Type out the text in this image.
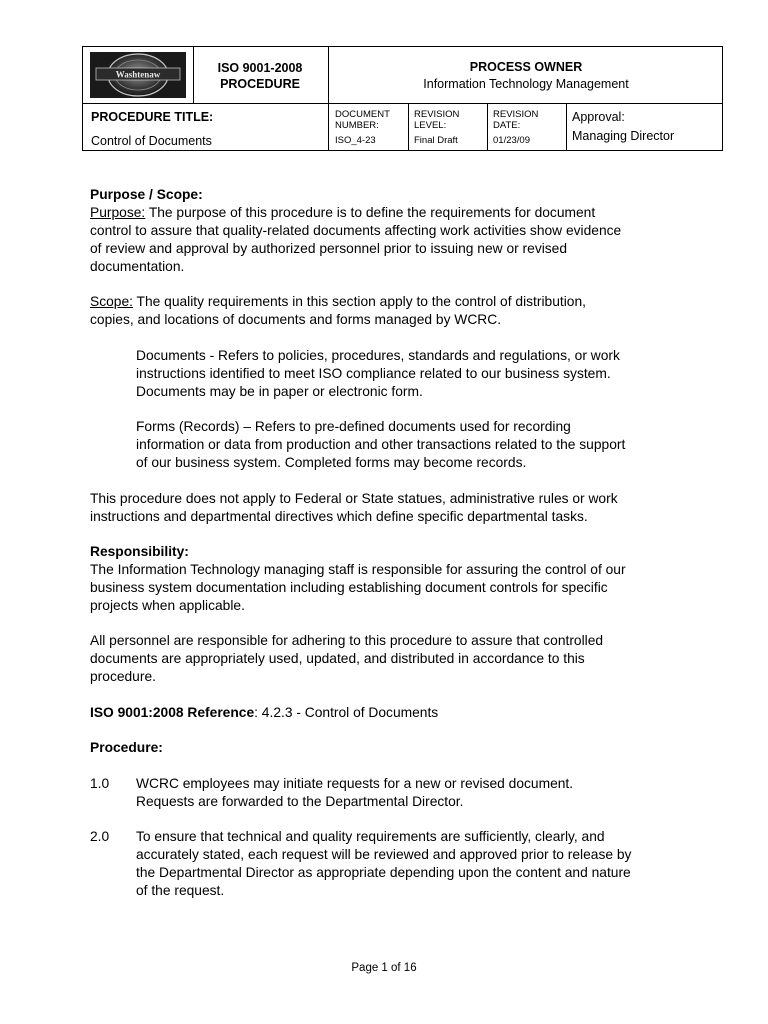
Washtenaw	ISO 9001-2008
PROCEDURE
PROCESS OWNER
Information Technology Management
PROCEDURE TITLE:
Control of Documents
DOCUMENT
NUMBER:
ISO_4-23
REVISION
LEVEL:
Final Draft
REVISION
DATE:
01/23/09
Approval:
Managing Director
Purpose / Scope:
Purpose: The purpose of this procedure is to define the requirements for document
control to assure that quality-related documents affecting work activities show evidence
of review and approval by authorized personnel prior to issuing new or revised
documentation.
Scope: The quality requirements in this section apply to the control of distribution,
copies, and locations of documents and forms managed by WCRC.
Documents - Refers to policies, procedures, standards and regulations, or work
instructions identified to meet ISO compliance related to our business system.
Documents may be in paper or electronic form.
Forms (Records) – Refers to pre-defined documents used for recording
information or data from production and other transactions related to the support
of our business system. Completed forms may become records.
This procedure does not apply to Federal or State statues, administrative rules or work
instructions and departmental directives which define specific departmental tasks.
Responsibility:
The Information Technology managing staff is responsible for assuring the control of our
business system documentation including establishing document controls for specific
projects when applicable.
All personnel are responsible for adhering to this procedure to assure that controlled
documents are appropriately used, updated, and distributed in accordance to this
procedure.
ISO 9001:2008 Reference: 4.2.3 - Control of Documents
Procedure:
1.0 WCRC employees may initiate requests for a new or revised document.
Requests are forwarded to the Departmental Director.
2.0 To ensure that technical and quality requirements are sufficiently, clearly, and
accurately stated, each request will be reviewed and approved prior to release by
the Departmental Director as appropriate depending upon the content and nature
of the request.
Page 1 of 16
